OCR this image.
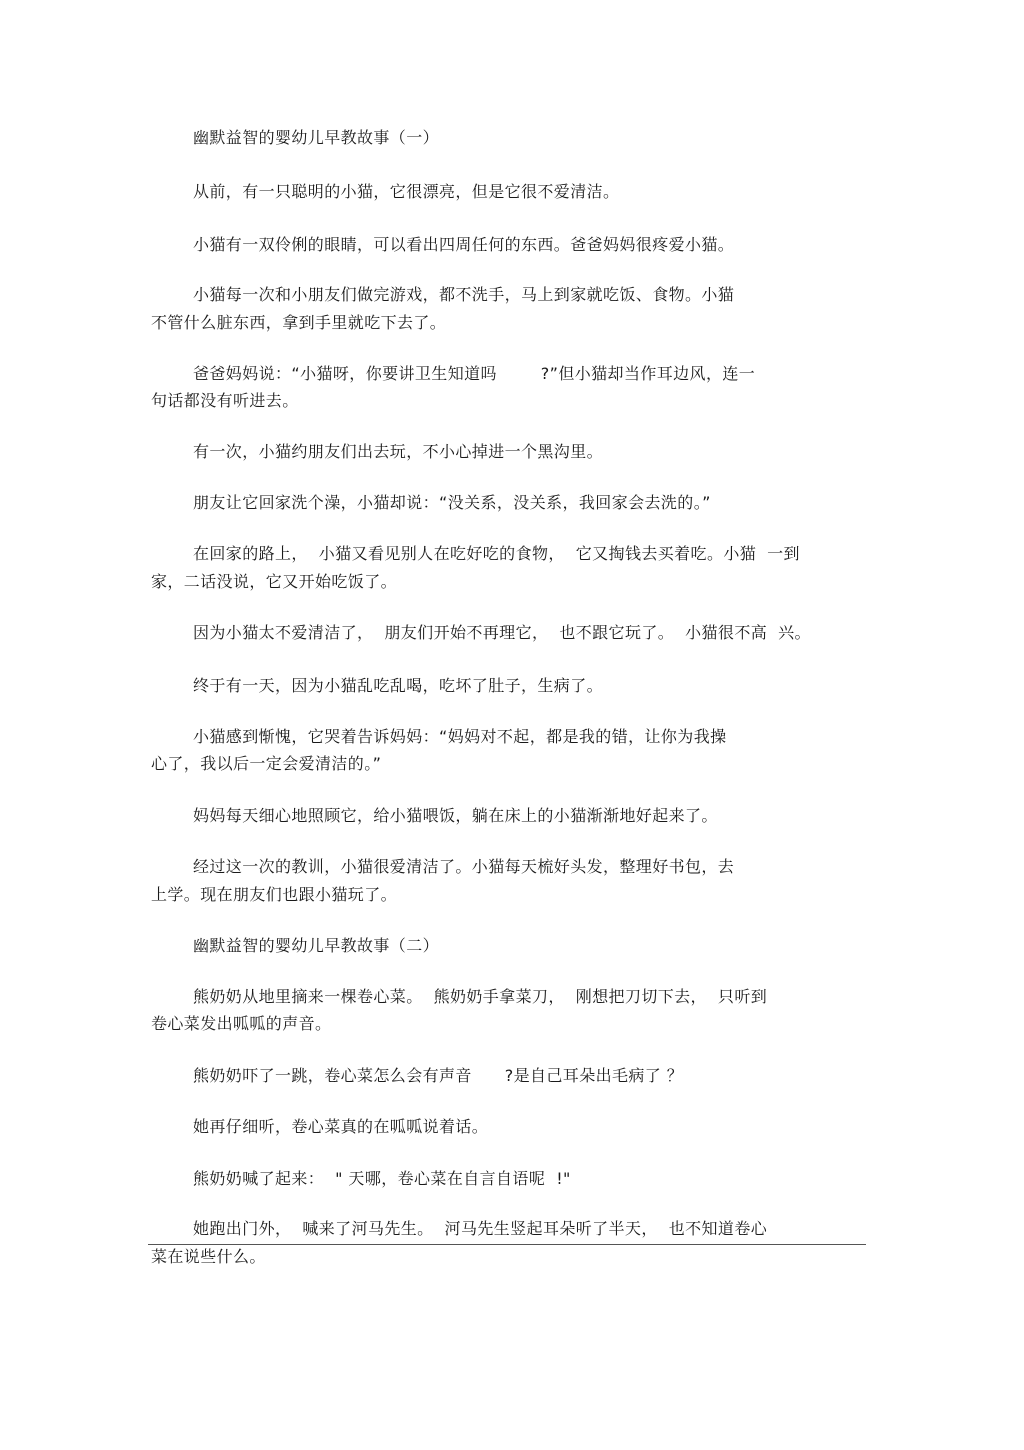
幽默益智的婴幼儿早教故事（一）
从前，有一只聪明的小猫，它很漂亮，但是它很不爱清洁。
小猫有一双伶俐的眼睛，可以看出四周任何的东西。爸爸妈妈很疼爱小猫。
小猫每一次和小朋友们做完游戏，都不洗手，马上到家就吃饭、食物。小猫
不管什么脏东西，拿到手里就吃下去了。
爸爸妈妈说：“小猫呀，你要讲卫生知道吗        ?”但小猫却当作耳边风，连一
句话都没有听进去。
有一次，小猫约朋友们出去玩，不小心掉进一个黑沟里。
朋友让它回家洗个澡，小猫却说：“没关系，没关系，我回家会去洗的。”
在回家的路上，  小猫又看见别人在吃好吃的食物，  它又掏钱去买着吃。小猫  一到
家，二话没说，它又开始吃饭了。
因为小猫太不爱清洁了，  朋友们开始不再理它，  也不跟它玩了。  小猫很不高  兴。
终于有一天，因为小猫乱吃乱喝，吃坏了肚子，生病了。
小猫感到惭愧，它哭着告诉妈妈：“妈妈对不起，都是我的错，让你为我操
心了，我以后一定会爱清洁的。”
妈妈每天细心地照顾它，给小猫喂饭，躺在床上的小猫渐渐地好起来了。
经过这一次的教训，小猫很爱清洁了。小猫每天梳好头发，整理好书包，去
上学。现在朋友们也跟小猫玩了。
幽默益智的婴幼儿早教故事（二）
熊奶奶从地里摘来一棵卷心菜。  熊奶奶手拿菜刀，  刚想把刀切下去，  只听到
卷心菜发出呱呱的声音。
熊奶奶吓了一跳，卷心菜怎么会有声音      ?是自己耳朵出毛病了 ？
她再仔细听，卷心菜真的在呱呱说着话。
熊奶奶喊了起来：  " 天哪，卷心菜在自言自语呢  !"
她跑出门外，  喊来了河马先生。  河马先生竖起耳朵听了半天，  也不知道卷心
菜在说些什么。
